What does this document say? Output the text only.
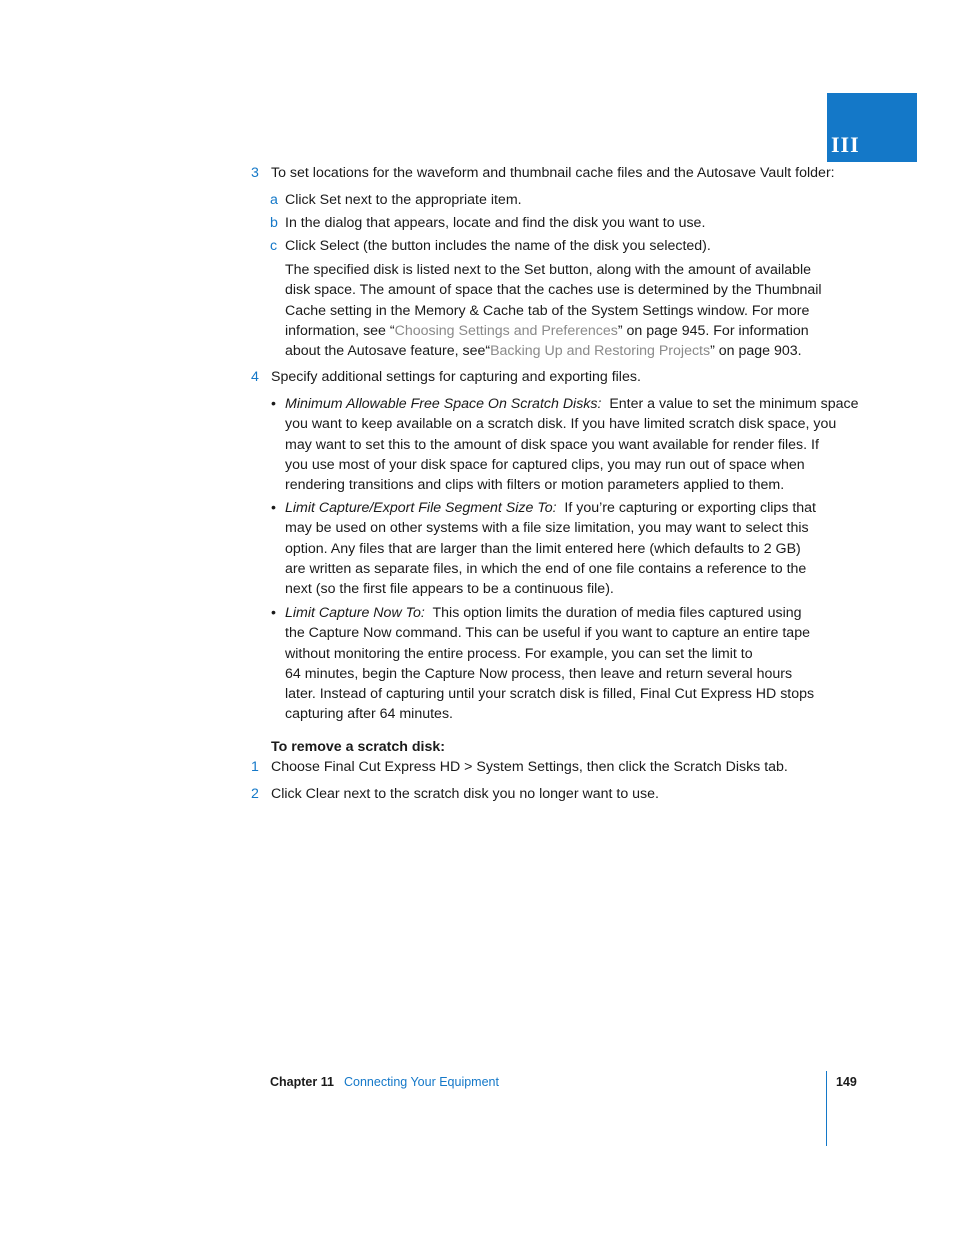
III
3 To set locations for the waveform and thumbnail cache files and the Autosave Vault folder:
a Click Set next to the appropriate item.
b In the dialog that appears, locate and find the disk you want to use.
c Click Select (the button includes the name of the disk you selected).
The specified disk is listed next to the Set button, along with the amount of available
disk space. The amount of space that the caches use is determined by the Thumbnail
Cache setting in the Memory & Cache tab of the System Settings window. For more
information, see “Choosing Settings and Preferences” on page 945. For information
about the Autosave feature, see“Backing Up and Restoring Projects” on page 903.
4 Specify additional settings for capturing and exporting files.
• Minimum Allowable Free Space On Scratch Disks: Enter a value to set the minimum space
you want to keep available on a scratch disk. If you have limited scratch disk space, you
may want to set this to the amount of disk space you want available for render files. If
you use most of your disk space for captured clips, you may run out of space when
rendering transitions and clips with filters or motion parameters applied to them.
• Limit Capture/Export File Segment Size To: If you’re capturing or exporting clips that
may be used on other systems with a file size limitation, you may want to select this
option. Any files that are larger than the limit entered here (which defaults to 2 GB)
are written as separate files, in which the end of one file contains a reference to the
next (so the first file appears to be a continuous file).
• Limit Capture Now To: This option limits the duration of media files captured using
the Capture Now command. This can be useful if you want to capture an entire tape
without monitoring the entire process. For example, you can set the limit to
64 minutes, begin the Capture Now process, then leave and return several hours
later. Instead of capturing until your scratch disk is filled, Final Cut Express HD stops
capturing after 64 minutes.
To remove a scratch disk:
1 Choose Final Cut Express HD > System Settings, then click the Scratch Disks tab.
2 Click Clear next to the scratch disk you no longer want to use.
Chapter 11 Connecting Your Equipment	149
